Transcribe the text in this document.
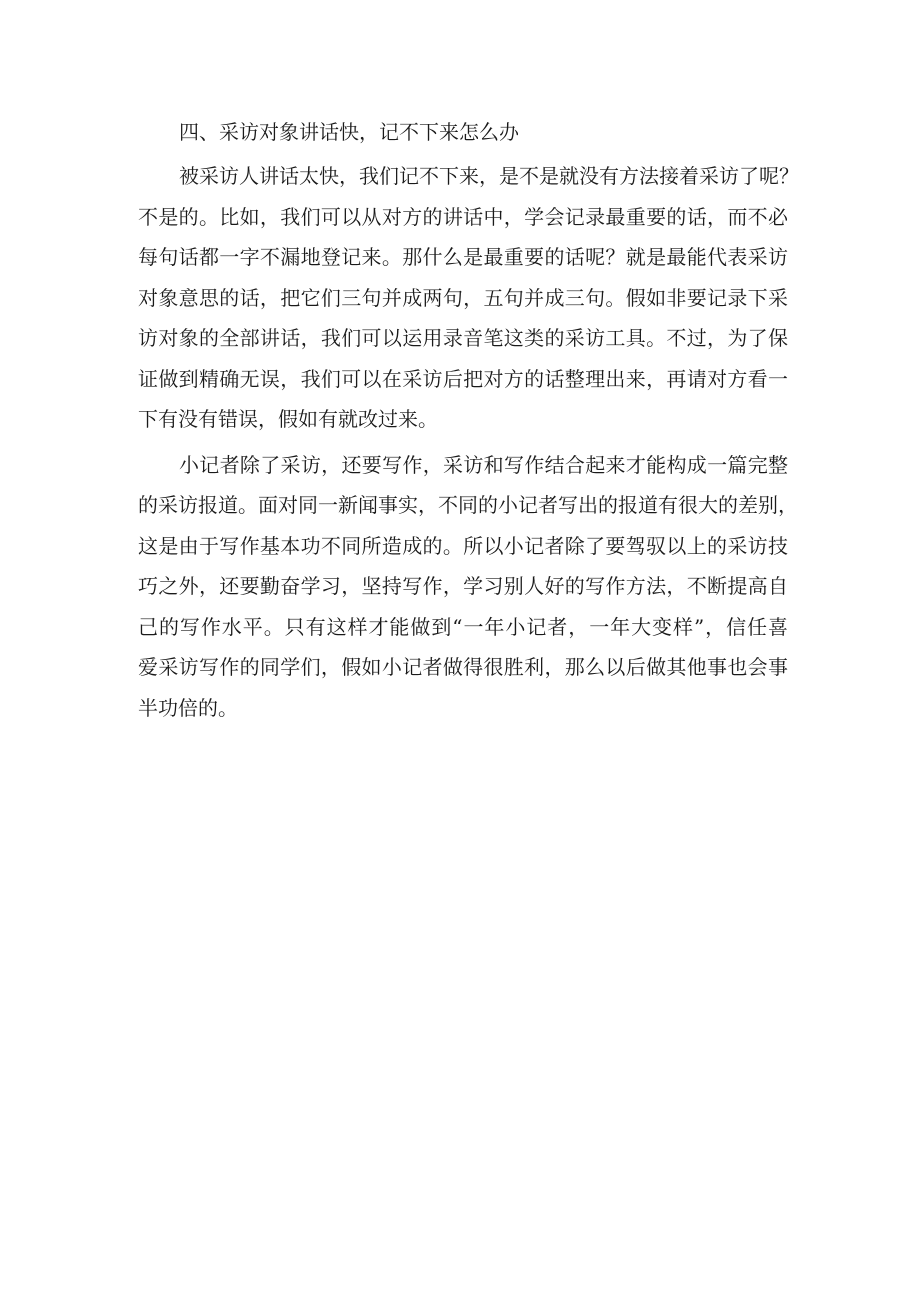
四、采访对象讲话快，记不下来怎么办

被采访人讲话太快，我们记不下来，是不是就没有方法接着采访了呢？
不是的。比如，我们可以从对方的讲话中，学会记录最重要的话，而不必
每句话都一字不漏地登记来。那什么是最重要的话呢？就是最能代表采访
对象意思的话，把它们三句并成两句，五句并成三句。假如非要记录下采
访对象的全部讲话，我们可以运用录音笔这类的采访工具。不过，为了保
证做到精确无误，我们可以在采访后把对方的话整理出来，再请对方看一
下有没有错误，假如有就改过来。

小记者除了采访，还要写作，采访和写作结合起来才能构成一篇完整
的采访报道。面对同一新闻事实，不同的小记者写出的报道有很大的差别，
这是由于写作基本功不同所造成的。所以小记者除了要驾驭以上的采访技
巧之外，还要勤奋学习，坚持写作，学习别人好的写作方法，不断提高自
己的写作水平。只有这样才能做到“一年小记者，一年大变样”，信任喜
爱采访写作的同学们，假如小记者做得很胜利，那么以后做其他事也会事
半功倍的。
